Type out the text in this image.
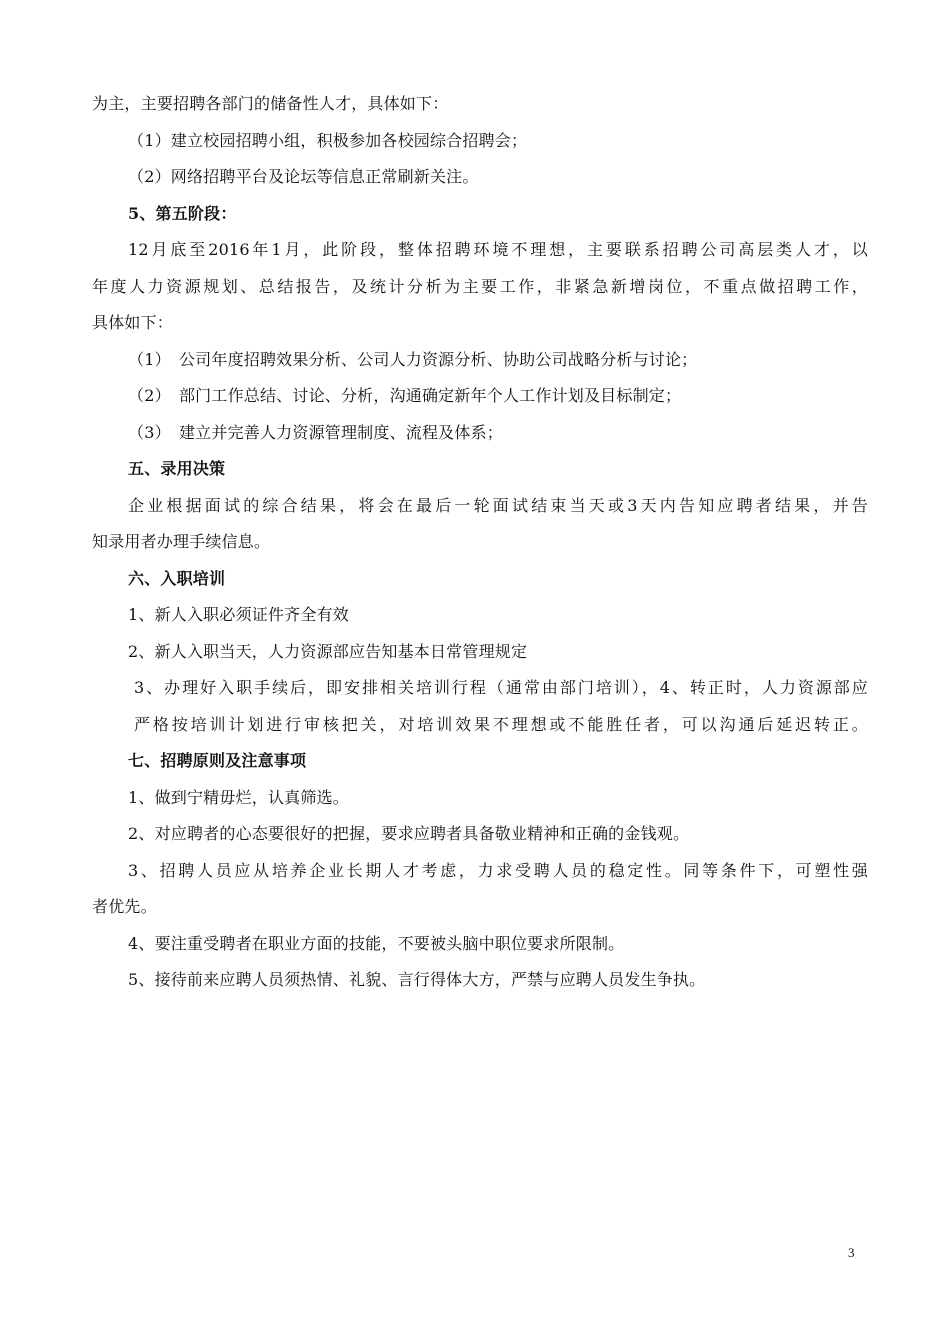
为主，主要招聘各部门的储备性人才，具体如下：
（1）建立校园招聘小组，积极参加各校园综合招聘会；
（2）网络招聘平台及论坛等信息正常刷新关注。
5、第五阶段：
12月底至2016年1月，此阶段，整体招聘环境不理想，主要联系招聘公司高层类人才，以
年度人力资源规划、总结报告，及统计分析为主要工作，非紧急新增岗位，不重点做招聘工作，
具体如下：
（1）　公司年度招聘效果分析、公司人力资源分析、协助公司战略分析与讨论；
（2）　部门工作总结、讨论、分析，沟通确定新年个人工作计划及目标制定；
（3）　建立并完善人力资源管理制度、流程及体系；
五、录用决策
企业根据面试的综合结果，将会在最后一轮面试结束当天或3天内告知应聘者结果，并告
知录用者办理手续信息。
六、入职培训
1、新人入职必须证件齐全有效
2、新人入职当天，人力资源部应告知基本日常管理规定
3、办理好入职手续后，即安排相关培训行程（通常由部门培训），4、转正时，人力资源部应
严格按培训计划进行审核把关，对培训效果不理想或不能胜任者，可以沟通后延迟转正。
七、招聘原则及注意事项
1、做到宁精毋烂，认真筛选。
2、对应聘者的心态要很好的把握，要求应聘者具备敬业精神和正确的金钱观。
3、招聘人员应从培养企业长期人才考虑，力求受聘人员的稳定性。同等条件下，可塑性强
者优先。
4、要注重受聘者在职业方面的技能，不要被头脑中职位要求所限制。
5、接待前来应聘人员须热情、礼貌、言行得体大方，严禁与应聘人员发生争执。
3
